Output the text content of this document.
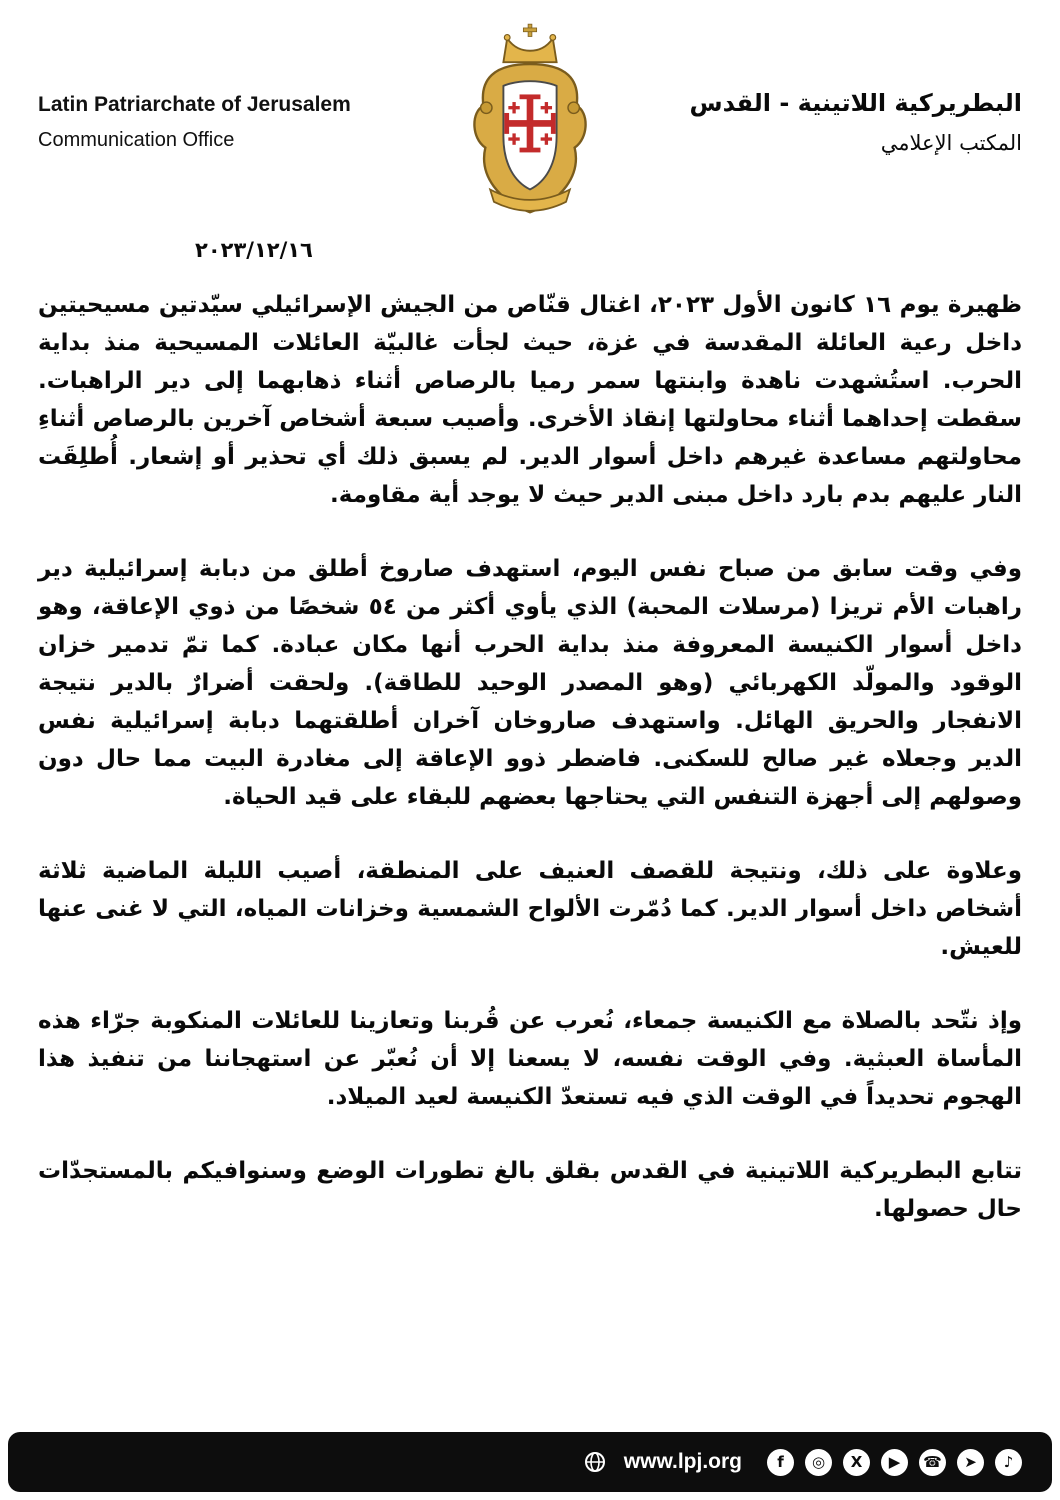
Latin Patriarchate of Jerusalem
Communication Office
البطريركية اللاتينية - القدس
المكتب الإعلامي
٢٠٢٣/١٢/١٦

ظهيرة يوم ١٦ كانون الأول ٢٠٢٣، اغتال قنّاص من الجيش الإسرائيلي سيّدتين مسيحيتين داخل رعية العائلة المقدسة في غزة، حيث لجأت غالبيّة العائلات المسيحية منذ بداية الحرب. استُشهدت ناهدة وابنتها سمر رميا بالرصاص أثناء ذهابهما إلى دير الراهبات. سقطت إحداهما أثناء محاولتها إنقاذ الأخرى. وأصيب سبعة أشخاص آخرين بالرصاص أثناءِ محاولتهم مساعدة غيرهم داخل أسوار الدير. لم يسبق ذلك أي تحذير أو إشعار. أُطلِقَت النار عليهم بدم بارد داخل مبنى الدير حيث لا يوجد أية مقاومة.

وفي وقت سابق من صباح نفس اليوم، استهدف صاروخ أطلق من دبابة إسرائيلية دير راهبات الأم تريزا (مرسلات المحبة) الذي يأوي أكثر من ٥٤ شخصًا من ذوي الإعاقة، وهو داخل أسوار الكنيسة المعروفة منذ بداية الحرب أنها مكان عبادة. كما تمّ تدمير خزان الوقود والمولّد الكهربائي (وهو المصدر الوحيد للطاقة). ولحقت أضرارٌ بالدير نتيجة الانفجار والحريق الهائل. واستهدف صاروخان آخران أطلقتهما دبابة إسرائيلية نفس الدير وجعلاه غير صالح للسكنى. فاضطر ذوو الإعاقة إلى مغادرة البيت مما حال دون وصولهم إلى أجهزة التنفس التي يحتاجها بعضهم للبقاء على قيد الحياة.

وعلاوة على ذلك، ونتيجة للقصف العنيف على المنطقة، أصيب الليلة الماضية ثلاثة أشخاص داخل أسوار الدير. كما دُمّرت الألواح الشمسية وخزانات المياه، التي لا غنى عنها للعيش.

وإذ نتّحد بالصلاة مع الكنيسة جمعاء، نُعرب عن قُربنا وتعازينا للعائلات المنكوبة جرّاء هذه المأساة العبثية. وفي الوقت نفسه، لا يسعنا إلا أن نُعبّر عن استهجاننا من تنفيذ هذا الهجوم تحديداً في الوقت الذي فيه تستعدّ الكنيسة لعيد الميلاد.

تتابع البطريركية اللاتينية في القدس بقلق بالغ تطورات الوضع وسنوافيكم بالمستجدّات حال حصولها.

www.lpj.org	f	◎	X	▶	☎	➤	♪
